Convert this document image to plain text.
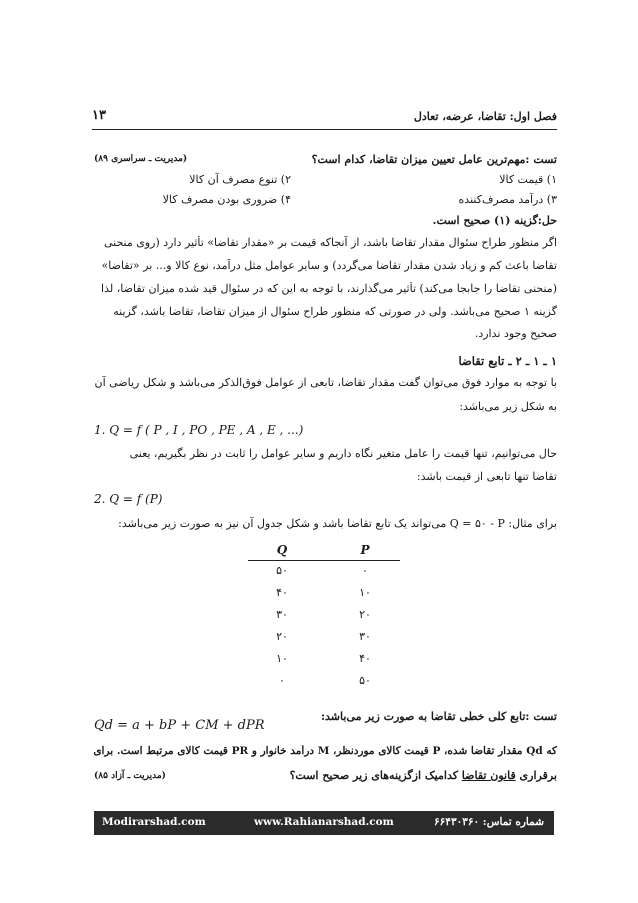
فصل اول: تقاضا، عرضه، تعادل
۱۳
تست :مهم‌ترین عامل تعیین میزان تقاضا، کدام است؟
(مدیریت ـ سراسری ۸۹)
۱) قیمت کالا
۲) تنوع مصرف آن کالا
۳) درآمد مصرف‌کننده
۴) ضروری بودن مصرف کالا
حل:گزینه (۱) صحیح است.
اگر منظور طراح سئوال مقدار تقاضا باشد، از آنجاکه قیمت بر «مقدار تقاضا» تأثیر دارد (روی منحنی
تقاضا باعث کم و زیاد شدن مقدار تقاضا می‌گردد) و سایر عوامل مثل درآمد، نوع کالا و... بر «تقاضا»
(منحنی تقاضا را جابجا می‌کند) تأثیر می‌گذارند، با توجه به این که در سئوال قید شده میزان تقاضا، لذا
گزینه ۱ صحیح می‌باشد. ولی در صورتی که منظور طراح سئوال از میزان تقاضا، تقاضا باشد، گزینه
صحیح وجود ندارد.
۱ ـ ۱ ـ ۲ ـ تابع تقاضا
با توجه به موارد فوق می‌توان گفت مقدار تقاضا، تابعی از عوامل فوق‌الذکر می‌باشد و شکل ریاضی آن
به شکل زیر می‌باشد:
1. Q = f ( P , I , PO , PE , A , E , ...)
حال می‌توانیم، تنها قیمت را عامل متغیر نگاه داریم و سایر عوامل را ثابت در نظر بگیریم، یعنی
تقاضا تنها تابعی از قیمت باشد:
2. Q = f (P)
برای مثال: Q = ۵۰ - P می‌تواند یک تابع تقاضا باشد و شکل جدول آن نیز به صورت زیر می‌باشد:
Q	P
۵۰	۰
۴۰	۱۰
۳۰	۲۰
۲۰	۳۰
۱۰	۴۰
۰	۵۰
تست :تابع کلی خطی تقاضا به صورت زیر می‌باشد:
Qd = a + bP + CM + dPR
که Qd مقدار تقاضا شده، P قیمت کالای موردنظر، M درآمد خانوار و PR قیمت کالای مرتبط است. برای
برقراری قانون تقاضا کدامیک ازگزینه‌های زیر صحیح است؟
(مدیریت ـ آزاد ۸۵)
Modirarshad.com	www.Rahianarshad.com	شماره تماس: ۶۶۴۳۰۳۶۰
